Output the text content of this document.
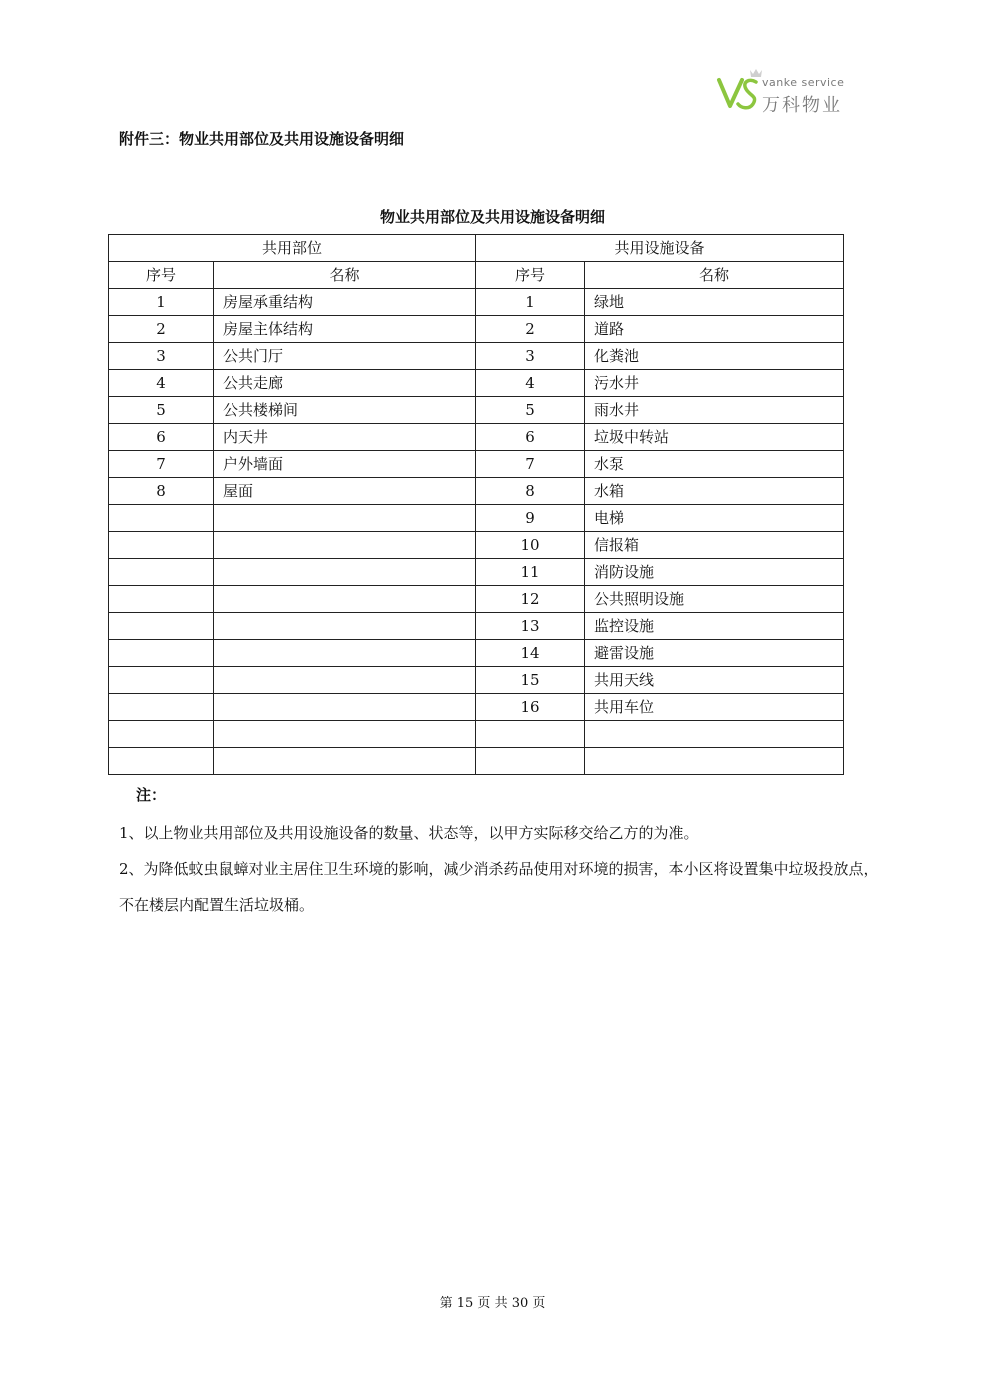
vanke service
万科物业
附件三：物业共用部位及共用设施设备明细
物业共用部位及共用设施设备明细
共用部位		共用设施设备	
序号	名称	序号	名称
1	房屋承重结构	1	绿地
2	房屋主体结构	2	道路
3	公共门厅	3	化粪池
4	公共走廊	4	污水井
5	公共楼梯间	5	雨水井
6	内天井	6	垃圾中转站
7	户外墙面	7	水泵
8	屋面	8	水箱
		9	电梯
		10	信报箱
		11	消防设施
		12	公共照明设施
		13	监控设施
		14	避雷设施
		15	共用天线
		16	共用车位

注：
1、以上物业共用部位及共用设施设备的数量、状态等，以甲方实际移交给乙方的为准。
2、为降低蚊虫鼠蟑对业主居住卫生环境的影响，减少消杀药品使用对环境的损害，本小区将设置集中垃圾投放点，不在楼层内配置生活垃圾桶。
第 15 页 共 30 页
